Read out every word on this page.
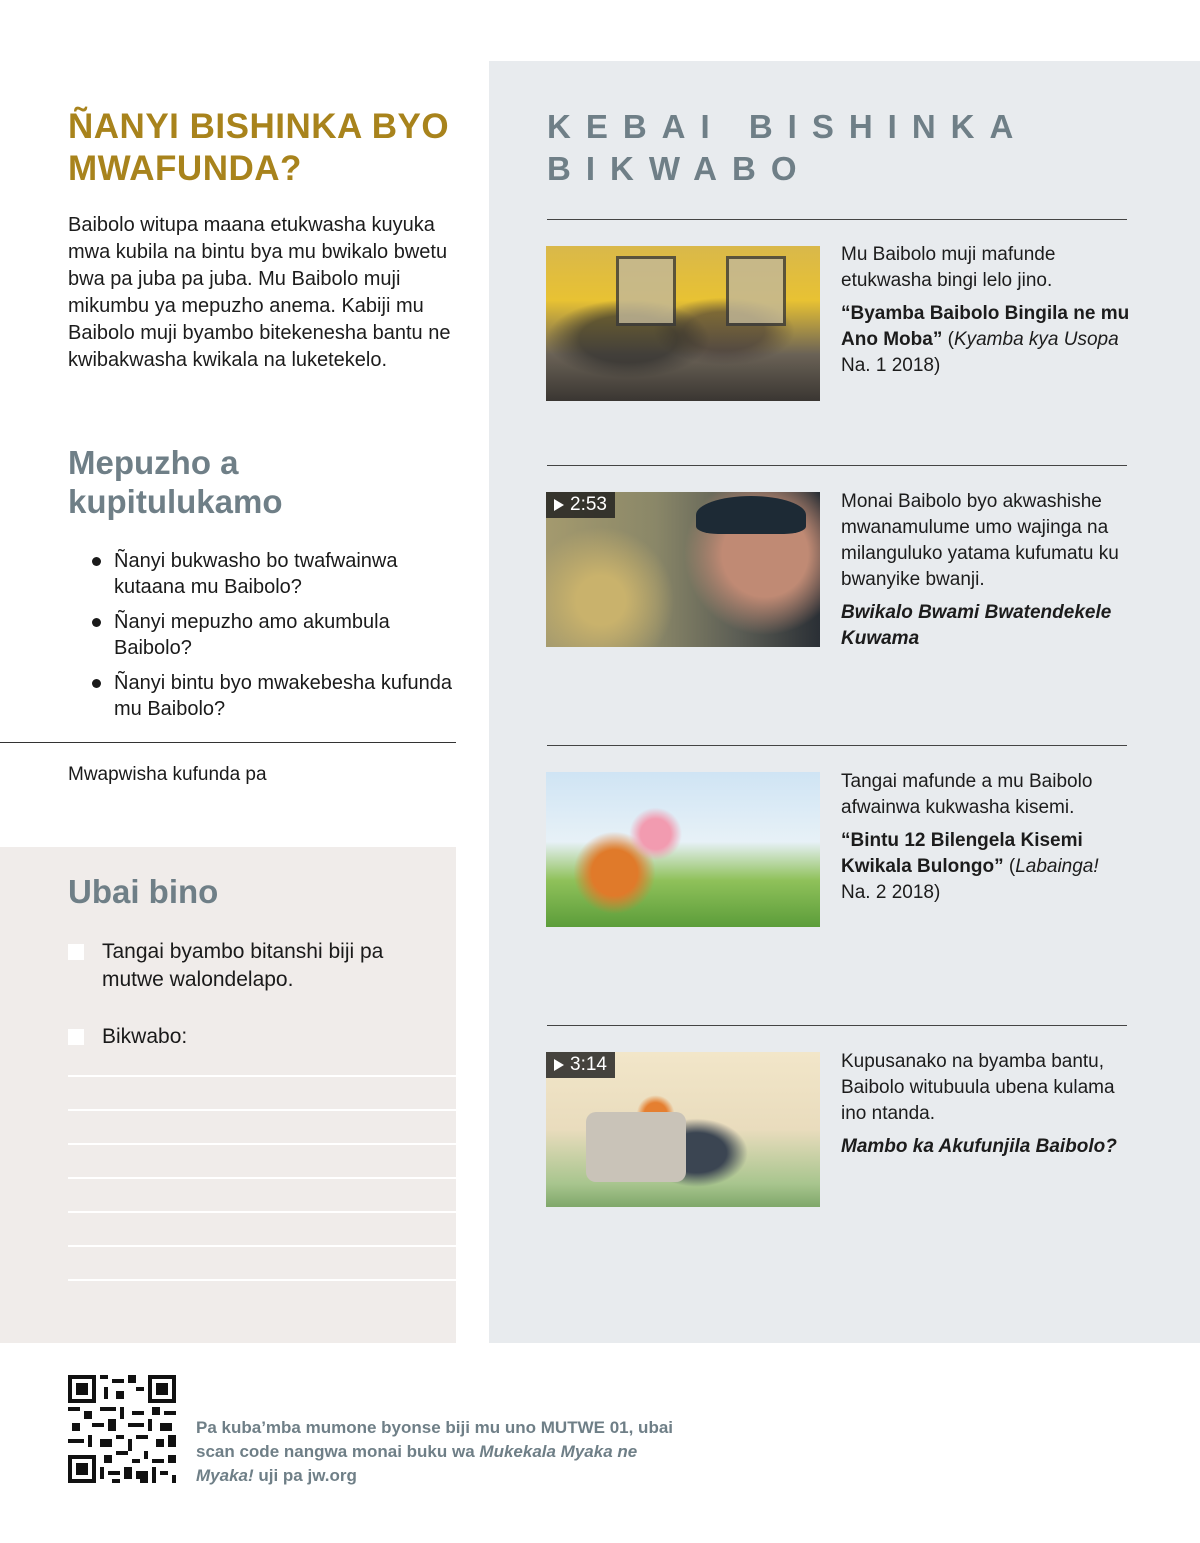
ÑANYI BISHINKA BYO MWAFUNDA?

Baibolo witupa maana etukwasha kuyuka mwa kubila na bintu bya mu bwikalo bwetu bwa pa juba pa juba. Mu Baibolo muji mikumbu ya mepuzho anema. Kabiji mu Baibolo muji byambo bitekenesha bantu ne kwibakwasha kwikala na luketekelo.

Mepuzho a kupitulukamo
Ñanyi bukwasho bo twafwainwa kutaana mu Baibolo?
Ñanyi mepuzho amo akumbula Baibolo?
Ñanyi bintu byo mwakebesha kufunda mu Baibolo?
Mwapwisha kufunda pa
Ubai bino
Tangai byambo bitanshi biji pa mutwe walondelapo.
Bikwabo:
KEBAI BISHINKA BIKWABO
Mu Baibolo muji mafunde etukwasha bingi lelo jino.
“Byamba Baibolo Bingila ne mu Ano Moba” (Kyamba kya Usopa Na. 1 2018)
2:53	Monai Baibolo byo akwashishe mwanamulume umo wajinga na milanguluko yatama kufumatu ku bwanyike bwanji.
Bwikalo Bwami Bwatendekele Kuwama
Tangai mafunde a mu Baibolo afwainwa kukwasha kisemi.
“Bintu 12 Bilengela Kisemi Kwikala Bulongo” (Labainga! Na. 2 2018)
3:14	Kupusanako na byamba bantu, Baibolo witubuula ubena kulama ino ntanda.
Mambo ka Akufunjila Baibolo?

Pa kuba’mba mumone byonse biji mu uno MUTWE 01, ubai scan code nangwa monai buku wa Mukekala Myaka ne Myaka! uji pa jw.org
